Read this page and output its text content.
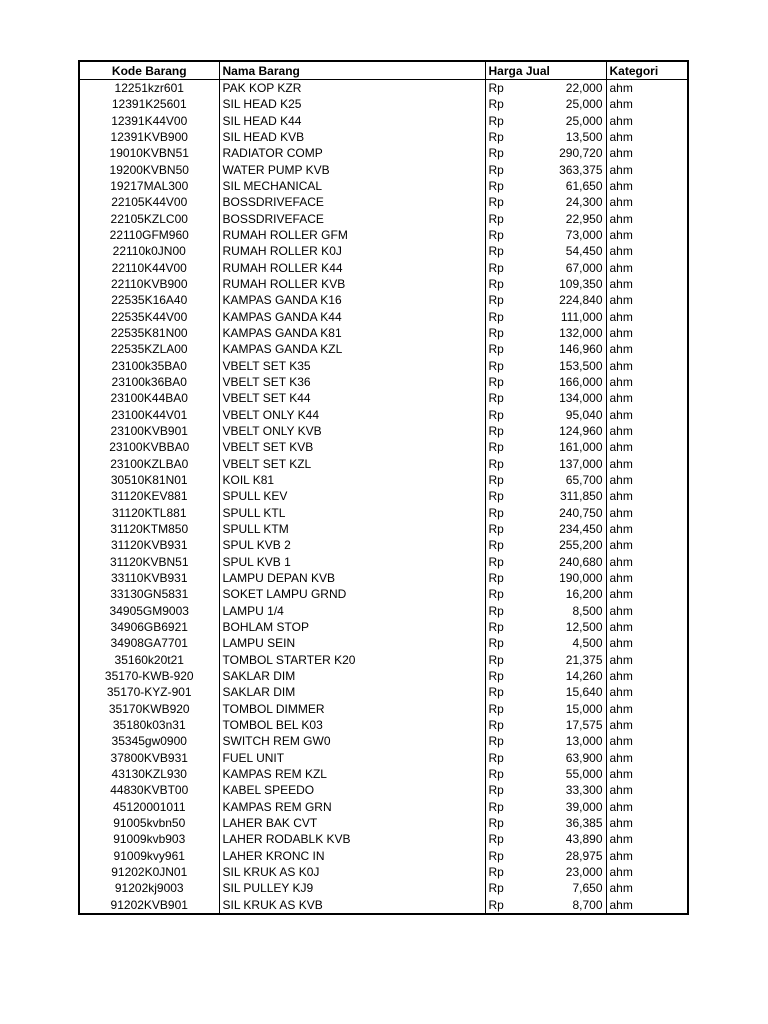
Kode Barang	Nama Barang	Harga Jual	Kategori
12251kzr601	PAK KOP KZR	Rp 22,000	ahm
12391K25601	SIL HEAD K25	Rp 25,000	ahm
12391K44V00	SIL HEAD K44	Rp 25,000	ahm
12391KVB900	SIL HEAD KVB	Rp 13,500	ahm
19010KVBN51	RADIATOR COMP	Rp 290,720	ahm
19200KVBN50	WATER PUMP KVB	Rp 363,375	ahm
19217MAL300	SIL MECHANICAL	Rp 61,650	ahm
22105K44V00	BOSSDRIVEFACE	Rp 24,300	ahm
22105KZLC00	BOSSDRIVEFACE	Rp 22,950	ahm
22110GFM960	RUMAH ROLLER GFM	Rp 73,000	ahm
22110k0JN00	RUMAH ROLLER K0J	Rp 54,450	ahm
22110K44V00	RUMAH ROLLER K44	Rp 67,000	ahm
22110KVB900	RUMAH ROLLER KVB	Rp 109,350	ahm
22535K16A40	KAMPAS GANDA K16	Rp 224,840	ahm
22535K44V00	KAMPAS GANDA K44	Rp 111,000	ahm
22535K81N00	KAMPAS GANDA K81	Rp 132,000	ahm
22535KZLA00	KAMPAS GANDA KZL	Rp 146,960	ahm
23100k35BA0	VBELT SET K35	Rp 153,500	ahm
23100k36BA0	VBELT SET K36	Rp 166,000	ahm
23100K44BA0	VBELT SET K44	Rp 134,000	ahm
23100K44V01	VBELT ONLY K44	Rp 95,040	ahm
23100KVB901	VBELT ONLY KVB	Rp 124,960	ahm
23100KVBBA0	VBELT SET KVB	Rp 161,000	ahm
23100KZLBA0	VBELT SET KZL	Rp 137,000	ahm
30510K81N01	KOIL K81	Rp 65,700	ahm
31120KEV881	SPULL KEV	Rp 311,850	ahm
31120KTL881	SPULL KTL	Rp 240,750	ahm
31120KTM850	SPULL KTM	Rp 234,450	ahm
31120KVB931	SPUL KVB 2	Rp 255,200	ahm
31120KVBN51	SPUL KVB 1	Rp 240,680	ahm
33110KVB931	LAMPU DEPAN KVB	Rp 190,000	ahm
33130GN5831	SOKET LAMPU GRND	Rp 16,200	ahm
34905GM9003	LAMPU 1/4	Rp 8,500	ahm
34906GB6921	BOHLAM STOP	Rp 12,500	ahm
34908GA7701	LAMPU SEIN	Rp 4,500	ahm
35160k20t21	TOMBOL STARTER K20	Rp 21,375	ahm
35170-KWB-920	SAKLAR DIM	Rp 14,260	ahm
35170-KYZ-901	SAKLAR DIM	Rp 15,640	ahm
35170KWB920	TOMBOL DIMMER	Rp 15,000	ahm
35180k03n31	TOMBOL BEL K03	Rp 17,575	ahm
35345gw0900	SWITCH REM GW0	Rp 13,000	ahm
37800KVB931	FUEL UNIT	Rp 63,900	ahm
43130KZL930	KAMPAS REM KZL	Rp 55,000	ahm
44830KVBT00	KABEL SPEEDO	Rp 33,300	ahm
45120001011	KAMPAS REM GRN	Rp 39,000	ahm
91005kvbn50	LAHER BAK CVT	Rp 36,385	ahm
91009kvb903	LAHER RODABLK KVB	Rp 43,890	ahm
91009kvy961	LAHER KRONC IN	Rp 28,975	ahm
91202K0JN01	SIL KRUK AS K0J	Rp 23,000	ahm
91202kj9003	SIL PULLEY KJ9	Rp 7,650	ahm
91202KVB901	SIL KRUK AS KVB	Rp 8,700	ahm
